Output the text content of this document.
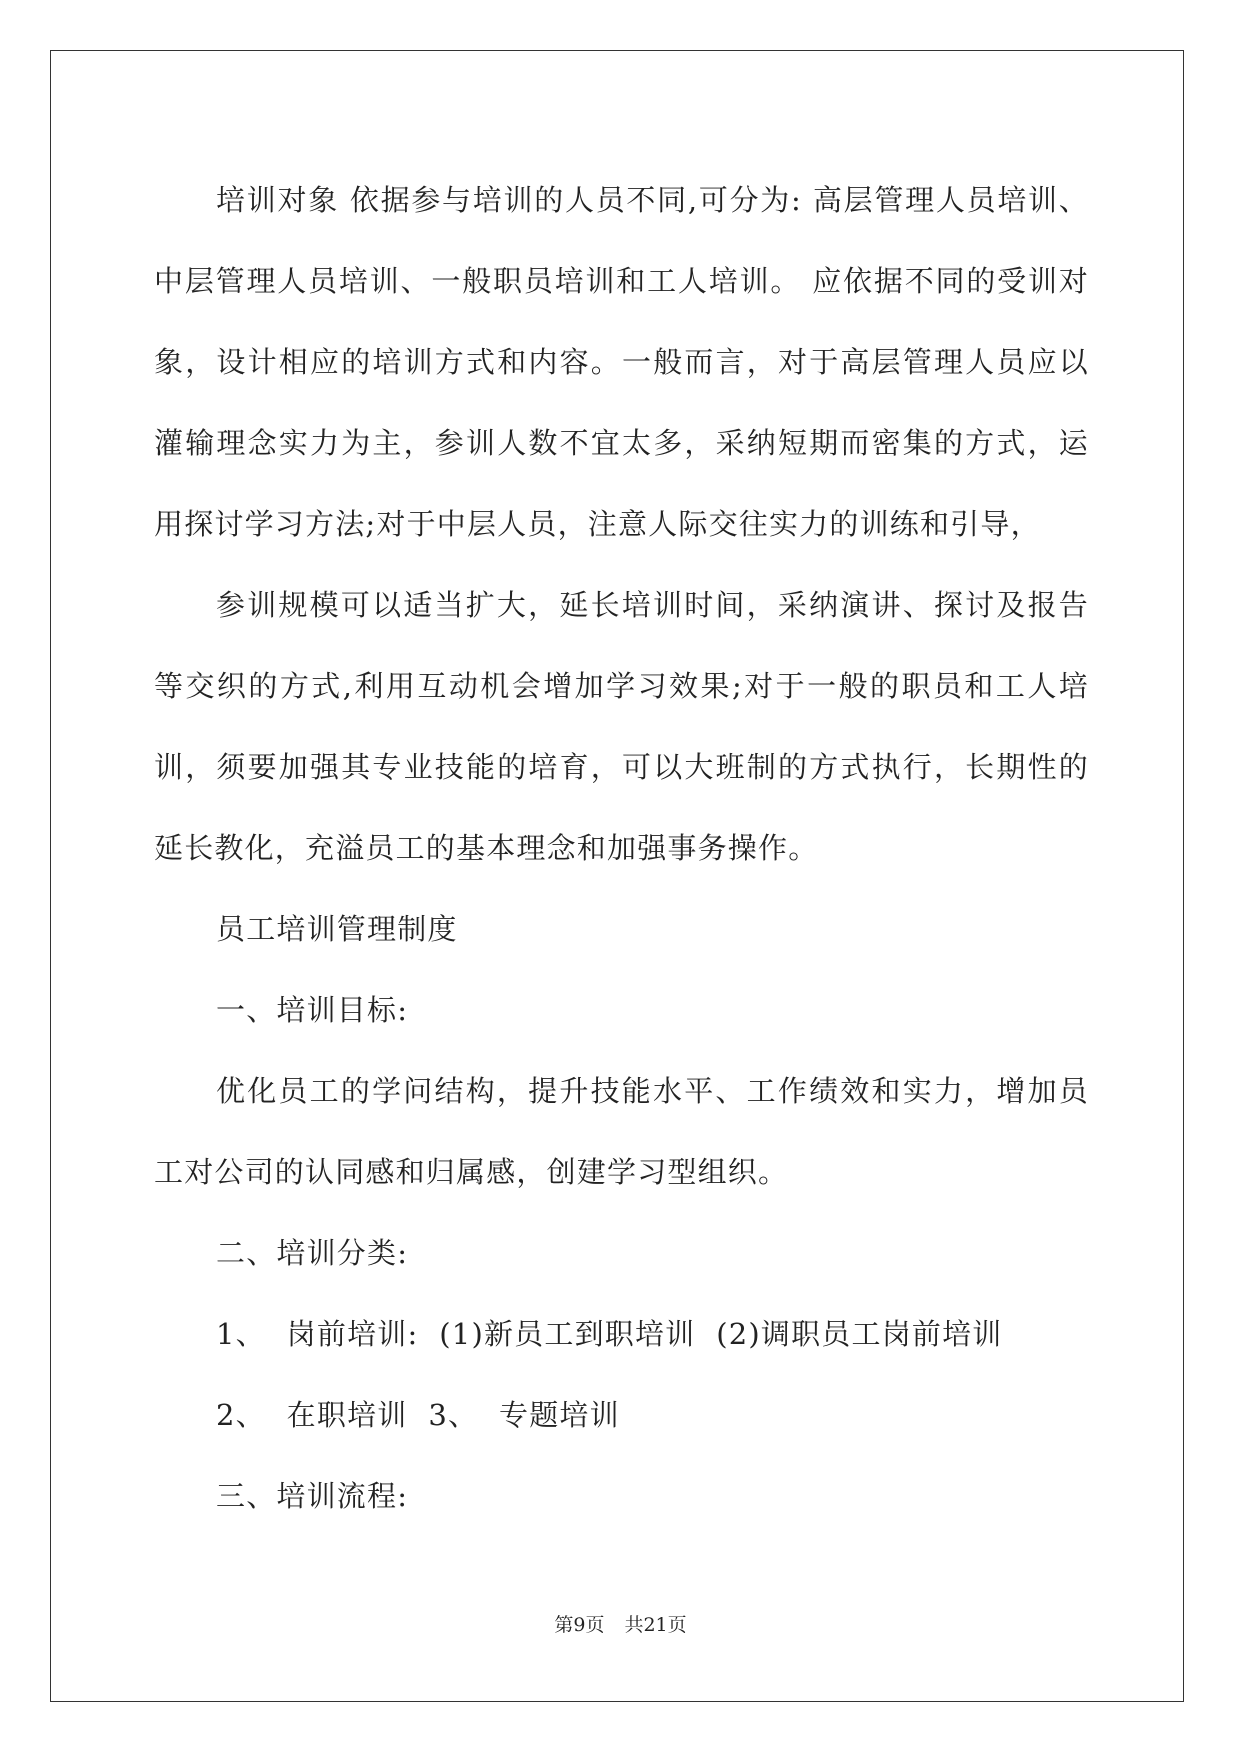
培训对象 依据参与培训的人员不同,可分为: 高层管理人员培训、中层管理人员培训、一般职员培训和工人培训。 应依据不同的受训对象，设计相应的培训方式和内容。一般而言，对于高层管理人员应以灌输理念实力为主，参训人数不宜太多，采纳短期而密集的方式，运用探讨学习方法;对于中层人员，注意人际交往实力的训练和引导，

参训规模可以适当扩大，延长培训时间，采纳演讲、探讨及报告等交织的方式,利用互动机会增加学习效果;对于一般的职员和工人培训，须要加强其专业技能的培育，可以大班制的方式执行，长期性的延长教化，充溢员工的基本理念和加强事务操作。

员工培训管理制度

一、培训目标:

优化员工的学问结构，提升技能水平、工作绩效和实力，增加员工对公司的认同感和归属感，创建学习型组织。

二、培训分类:

1、  岗前培训:  (1)新员工到职培训  (2)调职员工岗前培训

2、  在职培训  3、  专题培训

三、培训流程:

第9页 共21页
